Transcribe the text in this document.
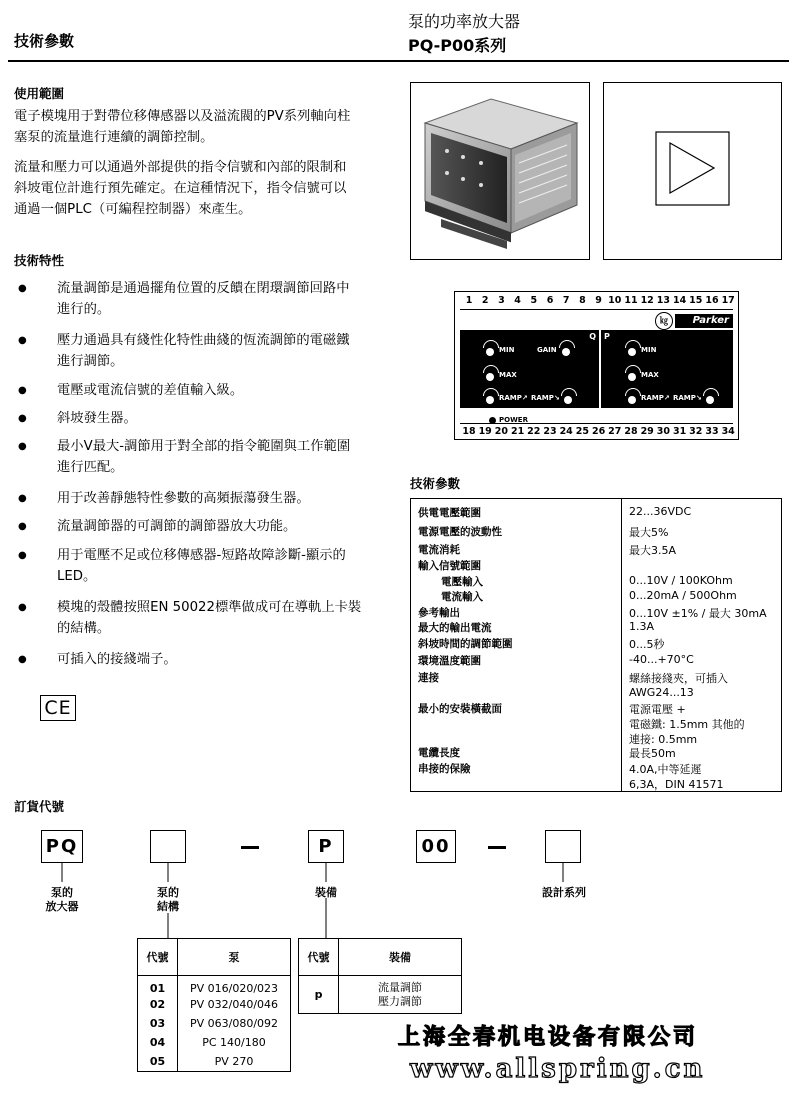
技術參數
泵的功率放大器
PQ-P00系列
使用範圍
電子模塊用于對帶位移傳感器以及溢流閥的PV系列軸向柱
塞泵的流量進行連續的調節控制。
流量和壓力可以通過外部提供的指令信號和內部的限制和
斜坡電位計進行預先確定。在這種情況下，指令信號可以
通過一個PLC（可編程控制器）來產生。
技術特性
● 流量調節是通過擺角位置的反饋在閉環調節回路中
進行的。
● 壓力通過具有綫性化特性曲綫的恆流調節的電磁鐵
進行調節。
● 電壓或電流信號的差值輸入級。
● 斜坡發生器。
● 最小V最大-調節用于對全部的指令範圍與工作範圍
進行匹配。
● 用于改善靜態特性參數的高頻振蕩發生器。
● 流量調節器的可調節的調節器放大功能。
● 用于電壓不足或位移傳感器-短路故障診斷-顯示的
LED。
● 模塊的殼體按照EN 50022標準做成可在導軌上卡裝
的結構。
● 可插入的接綫端子。
CE
1	2	3	4	5	6	7	8	9 10 11 12 13 14 15 16 17
18 19 20 21 22 23 24 25 26 27 28 29 30 31 32 33 34
㎏	Parker
Q P
MIN	GAIN
MAX
RAMP↗ RAMP↘
MIN
MAX
RAMP↗ RAMP↘
POWER
技術參數
供電電壓範圍	22...36VDC
電源電壓的波動性	最大5%
電流消耗	最大3.5A
輸入信號範圍
電壓輸入	0...10V / 100KOhm
電流輸入	0...20mA / 500Ohm
參考輸出	0...10V ±1% / 最大 30mA
最大的輸出電流	1.3A
斜坡時間的調節範圍	0...5秒
環境溫度範圍	-40...+70°C
連接	螺絲接綫夾，可插入
AWG24...13
最小的安裝橫截面	電源電壓 +
電磁鐵: 1.5mm 其他的
連接: 0.5mm
電纜長度	最長50m
串接的保險	4.0A,中等延遲
6,3A，DIN 41571
訂貨代號
PQ	P	00
泵的
放大器
泵的
結構
裝備	設計系列
代號	泵
01	PV 016/020/023
02	PV 032/040/046
03	PV 063/080/092
04	PC 140/180
05	PV 270
代號	裝備
p	流量調節
壓力調節
上海全春机电设备有限公司
www.allspring.cn
